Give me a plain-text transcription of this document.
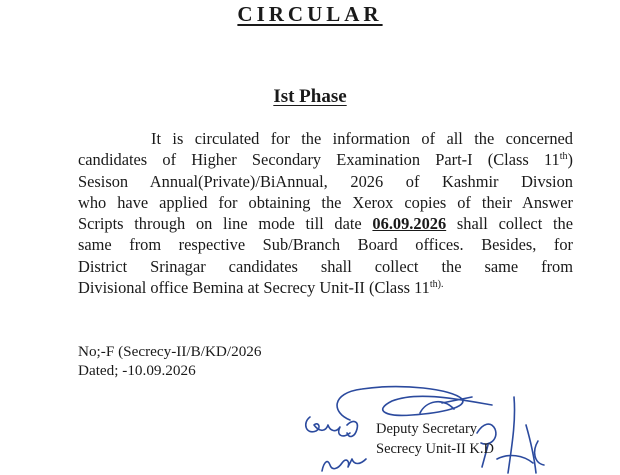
CIRCULAR
Ist Phase
It is circulated for the information of all the concerned
candidates of Higher Secondary Examination Part-I (Class 11th)
Sesison Annual(Private)/BiAnnual, 2026 of Kashmir Divsion
who have applied for obtaining the Xerox copies of their Answer
Scripts through on line mode till date 06.09.2026 shall collect the
same from respective Sub/Branch Board offices. Besides, for
District Srinagar candidates shall collect the same from
Divisional office Bemina at Secrecy Unit-II (Class $11^{th).}$
No;-F (Secrecy-II/B/KD/2026
Dated; -10.09.2026
Deputy Secretary
Secrecy Unit-II K.D
